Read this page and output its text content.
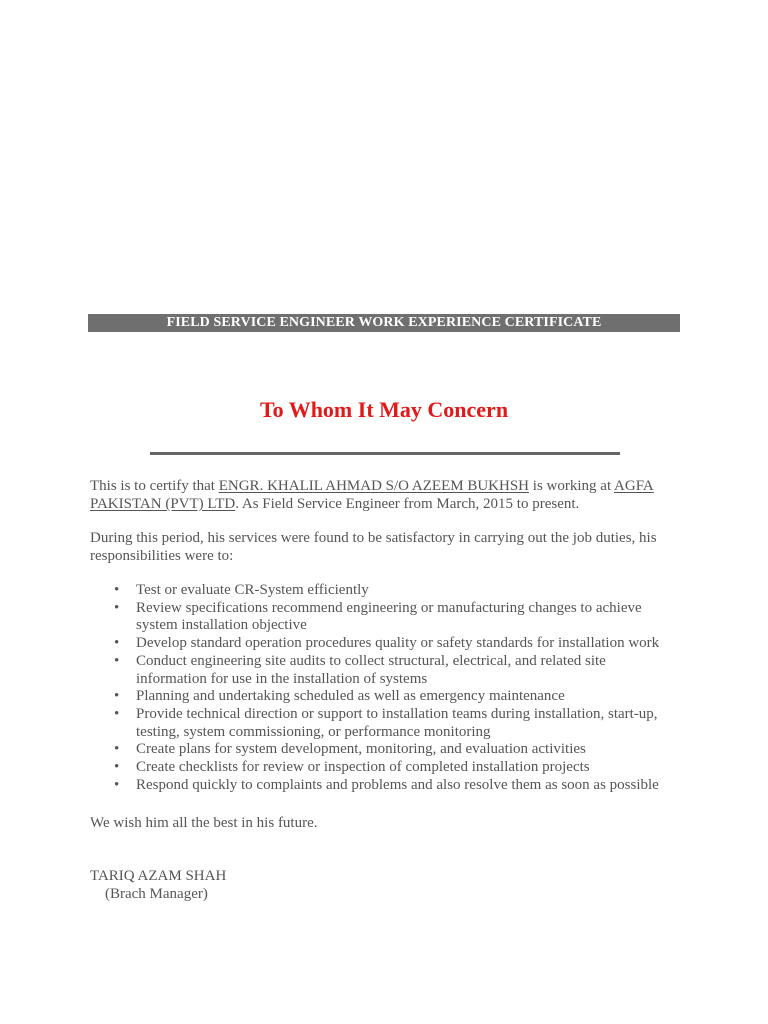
FIELD SERVICE ENGINEER WORK EXPERIENCE CERTIFICATE
To Whom It May Concern

This is to certify that ENGR. KHALIL AHMAD S/O AZEEM BUKHSH is working at AGFA PAKISTAN (PVT) LTD. As Field Service Engineer from March, 2015 to present.

During this period, his services were found to be satisfactory in carrying out the job duties, his responsibilities were to:

• Test or evaluate CR-System efficiently
• Review specifications recommend engineering or manufacturing changes to achieve system installation objective
• Develop standard operation procedures quality or safety standards for installation work
• Conduct engineering site audits to collect structural, electrical, and related site information for use in the installation of systems
• Planning and undertaking scheduled as well as emergency maintenance
• Provide technical direction or support to installation teams during installation, start-up, testing, system commissioning, or performance monitoring
• Create plans for system development, monitoring, and evaluation activities
• Create checklists for review or inspection of completed installation projects
• Respond quickly to complaints and problems and also resolve them as soon as possible

We wish him all the best in his future.

TARIQ AZAM SHAH

(Brach Manager)
